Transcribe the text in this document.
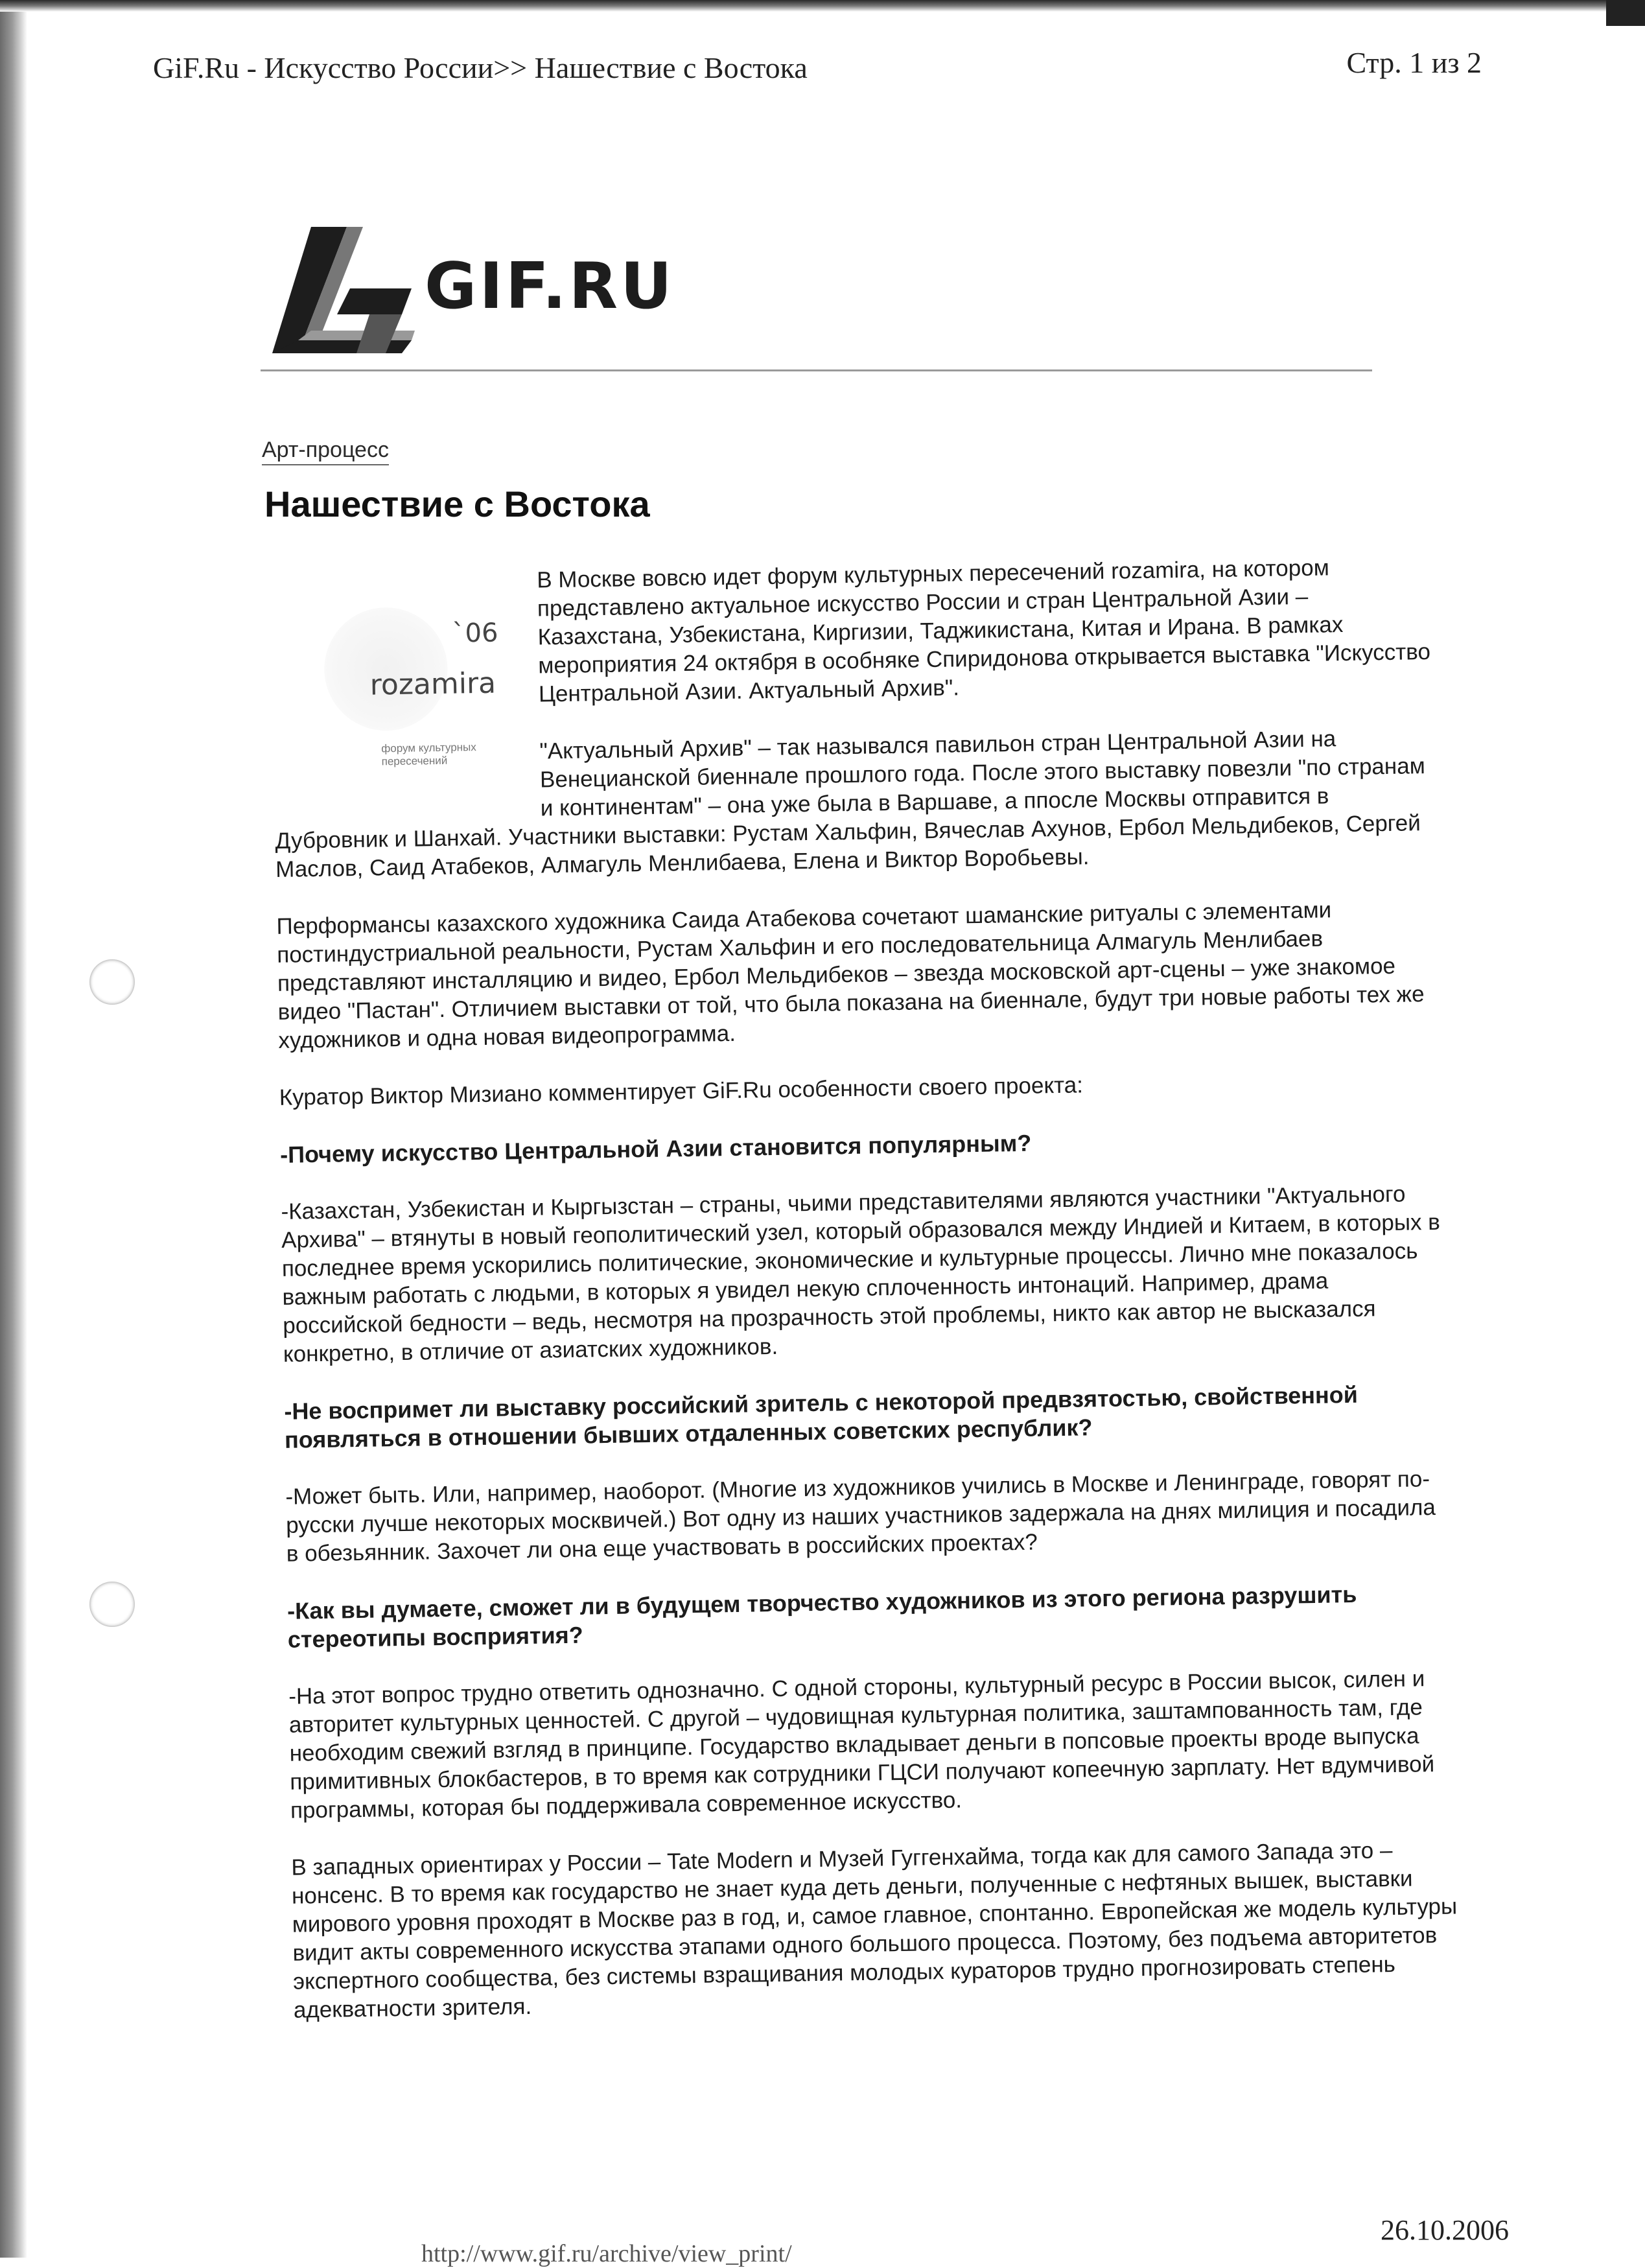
GiF.Ru - Искусство России>> Нашествие с Востока	Стр. 1 из 2
GIF.RU
Арт-процесс
Нашествие с Востока
`06
rozamira
форум культурных пересечений

В Москве вовсю идет форум культурных пересечений rozamira, на котором представлено актуальное искусство России и стран Центральной Азии – Казахстана, Узбекистана, Киргизии, Таджикистана, Китая и Ирана. В рамках мероприятия 24 октября в особняке Спиридонова открывается выставка "Искусство Центральной Азии. Актуальный Архив".

"Актуальный Архив" – так назывался павильон стран Центральной Азии на Венецианской биеннале прошлого года. После этого выставку повезли "по странам и континентам" – она уже была в Варшаве, а ппосле Москвы отправится в Дубровник и Шанхай. Участники выставки: Рустам Хальфин, Вячеслав Ахунов, Ербол Мельдибеков, Сергей Маслов, Саид Атабеков, Алмагуль Менлибаева, Елена и Виктор Воробьевы.

Перформансы казахского художника Саида Атабекова сочетают шаманские ритуалы с элементами постиндустриальной реальности, Рустам Хальфин и его последовательница Алмагуль Менлибаев представляют инсталляцию и видео, Ербол Мельдибеков – звезда московской арт-сцены – уже знакомое видео "Пастан". Отличием выставки от той, что была показана на биеннале, будут три новые работы тех же художников и одна новая видеопрограмма.

Куратор Виктор Мизиано комментирует GiF.Ru особенности своего проекта:

-Почему искусство Центральной Азии становится популярным?

-Казахстан, Узбекистан и Кыргызстан – страны, чьими представителями являются участники "Актуального Архива" – втянуты в новый геополитический узел, который образовался между Индией и Китаем, в которых в последнее время ускорились политические, экономические и культурные процессы. Лично мне показалось важным работать с людьми, в которых я увидел некую сплоченность интонаций. Например, драма российской бедности – ведь, несмотря на прозрачность этой проблемы, никто как автор не высказался конкретно, в отличие от азиатских художников.

-Не воспримет ли выставку российский зритель с некоторой предвзятостью, свойственной появляться в отношении бывших отдаленных советских республик?

-Может быть. Или, например, наоборот. (Многие из художников учились в Москве и Ленинграде, говорят по-русски лучше некоторых москвичей.) Вот одну из наших участников задержала на днях милиция и посадила в обезьянник. Захочет ли она еще участвовать в российских проектах?

-Как вы думаете, сможет ли в будущем творчество художников из этого региона разрушить стереотипы восприятия?

-На этот вопрос трудно ответить однозначно. С одной стороны, культурный ресурс в России высок, силен и авторитет культурных ценностей. С другой – чудовищная культурная политика, заштампованность там, где необходим свежий взгляд в принципе. Государство вкладывает деньги в попсовые проекты вроде выпуска примитивных блокбастеров, в то время как сотрудники ГЦСИ получают копеечную зарплату. Нет вдумчивой программы, которая бы поддерживала современное искусство.

В западных ориентирах у России – Tate Modern и Музей Гуггенхайма, тогда как для самого Запада это – нонсенс. В то время как государство не знает куда деть деньги, полученные с нефтяных вышек, выставки мирового уровня проходят в Москве раз в год, и, самое главное, спонтанно. Европейская же модель культуры видит акты современного искусства этапами одного большого процесса. Поэтому, без подъема авторитетов экспертного сообщества, без системы взращивания молодых кураторов трудно прогнозировать степень адекватности зрителя.

http://www.gif.ru/archive/view_print/
26.10.2006
